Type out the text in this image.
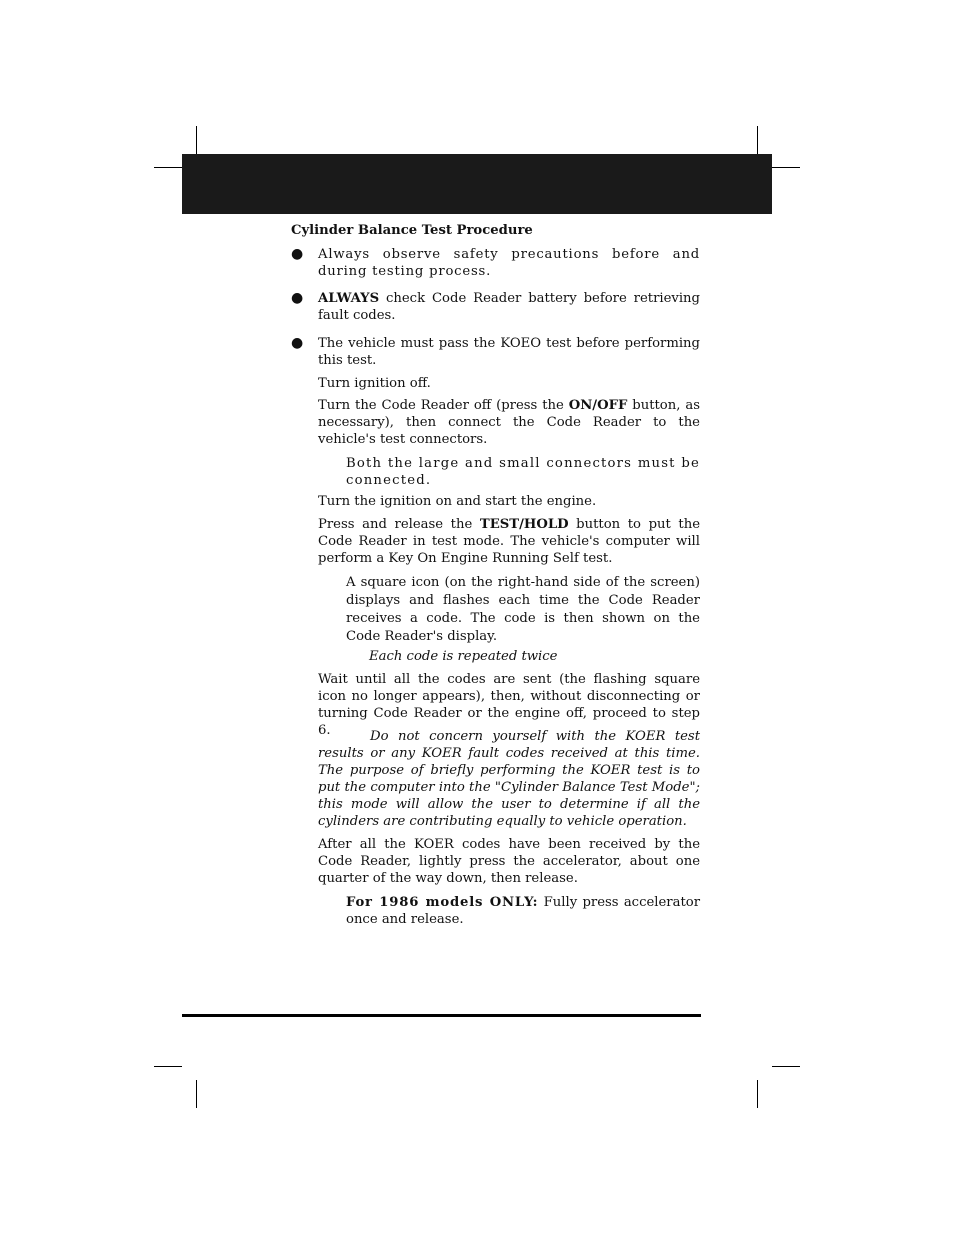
Cylinder Balance Test Procedure

● Always observe safety precautions before and during testing process.

● ALWAYS check Code Reader battery before retrieving fault codes.

● The vehicle must pass the KOEO test before performing this test.

Turn ignition off.

Turn the Code Reader off (press the ON/OFF button, as necessary), then connect the Code Reader to the vehicle's test connectors.

Both the large and small connectors must be connected.

Turn the ignition on and start the engine.

Press and release the TEST/HOLD button to put the Code Reader in test mode. The vehicle's computer will perform a Key On Engine Running Self test.

A square icon (on the right-hand side of the screen) displays and flashes each time the Code Reader receives a code. The code is then shown on the Code Reader's display.

Each code is repeated twice

Wait until all the codes are sent (the flashing square icon no longer appears), then, without disconnecting or turning Code Reader or the engine off, proceed to step 6.	Do not concern yourself with the KOER test results or any KOER fault codes received at this time. The purpose of briefly performing the KOER test is to put the computer into the "Cylinder Balance Test Mode"; this mode will allow the user to determine if all the cylinders are contributing equally to vehicle operation.

After all the KOER codes have been received by the Code Reader, lightly press the accelerator, about one quarter of the way down, then release.

For 1986 models ONLY: Fully press accelerator once and release.
